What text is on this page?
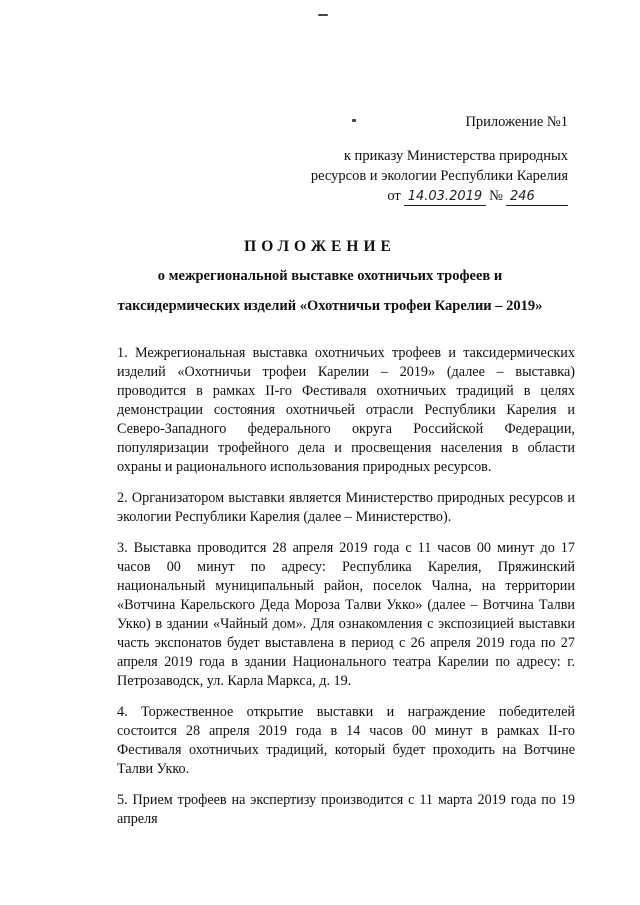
Приложение №1
к приказу Министерства природных
ресурсов и экологии Республики Карелия
от 14.03.2019 № 246
ПОЛОЖЕНИЕ
о межрегиональной выставке охотничьих трофеев и
таксидермических изделий «Охотничьи трофеи Карелии – 2019»

1. Межрегиональная выставка охотничьих трофеев и таксидермических изделий «Охотничьи трофеи Карелии – 2019» (далее – выставка) проводится в рамках II-го Фестиваля охотничьих традиций в целях демонстрации состояния охотничьей отрасли Республики Карелия и Северо-Западного федерального округа Российской Федерации, популяризации трофейного дела и просвещения населения в области охраны и рационального использования природных ресурсов.

2. Организатором выставки является Министерство природных ресурсов и экологии Республики Карелия (далее – Министерство).

3. Выставка проводится 28 апреля 2019 года с 11 часов 00 минут до 17 часов 00 минут по адресу: Республика Карелия, Пряжинский национальный муниципальный район, поселок Чална, на территории «Вотчина Карельского Деда Мороза Талви Укко» (далее – Вотчина Талви Укко) в здании «Чайный дом». Для ознакомления с экспозицией выставки часть экспонатов будет выставлена в период с 26 апреля 2019 года по 27 апреля 2019 года в здании Национального театра Карелии по адресу: г. Петрозаводск, ул. Карла Маркса, д. 19.

4. Торжественное открытие выставки и награждение победителей состоится 28 апреля 2019 года в 14 часов 00 минут в рамках II-го Фестиваля охотничьих традиций, который будет проходить на Вотчине Талви Укко.

5. Прием трофеев на экспертизу производится с 11 марта 2019 года по 19 апреля
